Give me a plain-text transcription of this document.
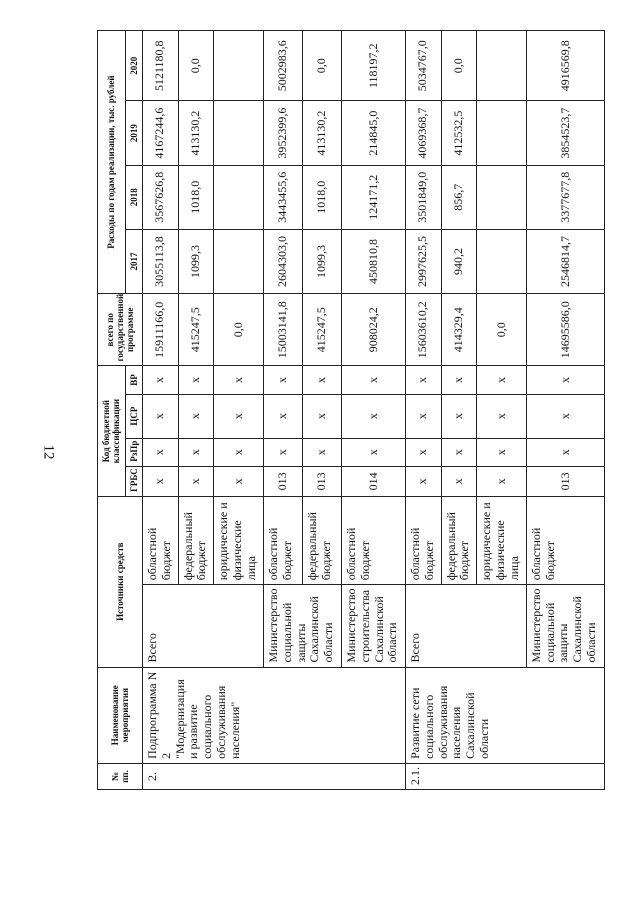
12
№ пп.	Наименование мероприятия	Источники средств		Код бюджетной классификации				всего по государственной программе	Расходы по годам реализации, тыс. рублей			
				ГРБС	РзПр	ЦСР	ВР		2017	2018	2019	2020
2.	Подпрограмма N 2 "Модернизация и развитие социального обслуживания населения"	Всего	областной бюджет	x	x	x	x	15911166,0	3055113,8	3567626,8	4167244,6	5121180,8
			федеральный бюджет	x	x	x	x	415247,5	1099,3	1018,0	413130,2	0,0
			юридические и физические лица	x	x	x	x	0,0				
		Министерство социальной защиты Сахалинской области	областной бюджет	013	x	x	x	15003141,8	2604303,0	3443455,6	3952399,6	5002983,6
			федеральный бюджет	013	x	x	x	415247,5	1099,3	1018,0	413130,2	0,0
		Министерство строительства Сахалинской области	областной бюджет	014	x	x	x	908024,2	450810,8	124171,2	214845,0	118197,2
2.1.	Развитие сети социального обслуживания населения Сахалинской области	Всего	областной бюджет	x	x	x	x	15603610,2	2997625,5	3501849,0	4069368,7	5034767,0
			федеральный бюджет	x	x	x	x	414329,4	940,2	856,7	412532,5	0,0
			юридические и физические лица	x	x	x	x	0,0				
		Министерство социальной защиты Сахалинской области	областной бюджет	013	x	x	x	14695586,0	2546814,7	3377677,8	3854523,7	4916569,8
